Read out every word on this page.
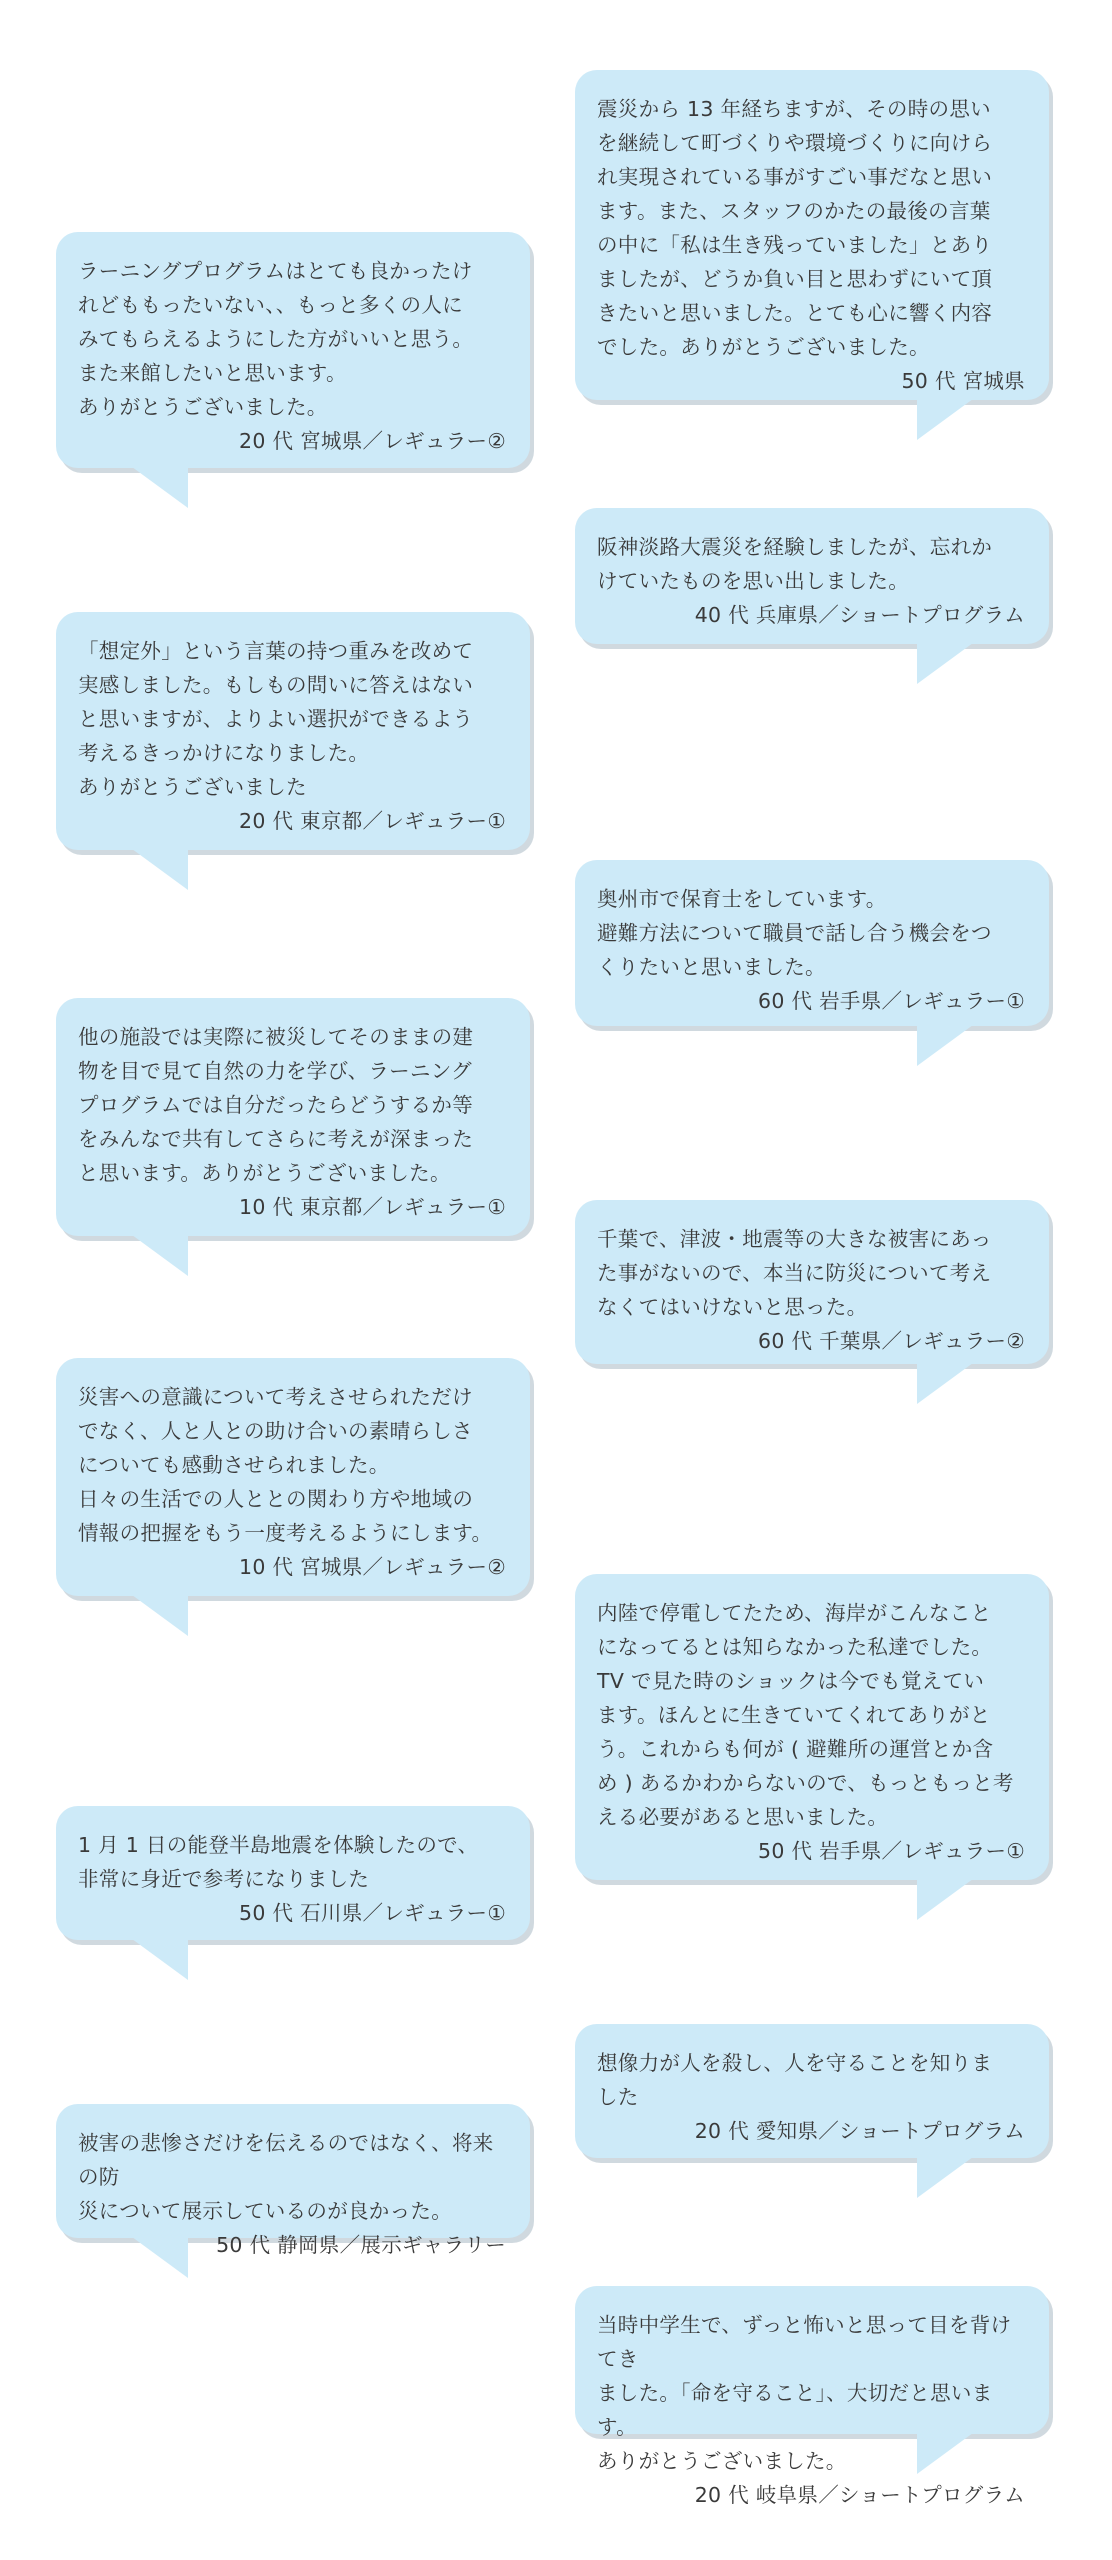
震災から 13 年経ちますが、その時の思い
を継続して町づくりや環境づくりに向けら
れ実現されている事がすごい事だなと思い
ます。また、スタッフのかたの最後の言葉
の中に「私は生き残っていました」とあり
ましたが、どうか負い目と思わずにいて頂
きたいと思いました。とても心に響く内容
でした。ありがとうございました。

50 代 宮城県

ラーニングプログラムはとても良かったけ
れどももったいない、、もっと多くの人に
みてもらえるようにした方がいいと思う。
また来館したいと思います。
ありがとうございました。

20 代 宮城県／レギュラー②

阪神淡路大震災を経験しましたが、忘れか
けていたものを思い出しました。

40 代 兵庫県／ショートプログラム

「想定外」という言葉の持つ重みを改めて
実感しました。もしもの問いに答えはない
と思いますが、よりよい選択ができるよう
考えるきっかけになりました。
ありがとうございました

20 代 東京都／レギュラー①

奥州市で保育士をしています。
避難方法について職員で話し合う機会をつ
くりたいと思いました。

60 代 岩手県／レギュラー①

他の施設では実際に被災してそのままの建
物を目で見て自然の力を学び、ラーニング
プログラムでは自分だったらどうするか等
をみんなで共有してさらに考えが深まった
と思います。ありがとうございました。

10 代 東京都／レギュラー①

千葉で、津波・地震等の大きな被害にあっ
た事がないので、本当に防災について考え
なくてはいけないと思った。

60 代 千葉県／レギュラー②

災害への意識について考えさせられただけ
でなく、人と人との助け合いの素晴らしさ
についても感動させられました。
日々の生活での人ととの関わり方や地域の
情報の把握をもう一度考えるようにします。

10 代 宮城県／レギュラー②

内陸で停電してたため、海岸がこんなこと
になってるとは知らなかった私達でした。
TV で見た時のショックは今でも覚えてい
ます。ほんとに生きていてくれてありがと
う。これからも何が ( 避難所の運営とか含
め ) あるかわからないので、もっともっと考
える必要があると思いました。

50 代 岩手県／レギュラー①

1 月 1 日の能登半島地震を体験したので、
非常に身近で参考になりました

50 代 石川県／レギュラー①

想像力が人を殺し、人を守ることを知りま
した

20 代 愛知県／ショートプログラム

被害の悲惨さだけを伝えるのではなく、将来の防
災について展示しているのが良かった。

50 代 静岡県／展示ギャラリー

当時中学生で、ずっと怖いと思って目を背けてき
ました。「命を守ること」、大切だと思います。
ありがとうございました。

20 代 岐阜県／ショートプログラム
